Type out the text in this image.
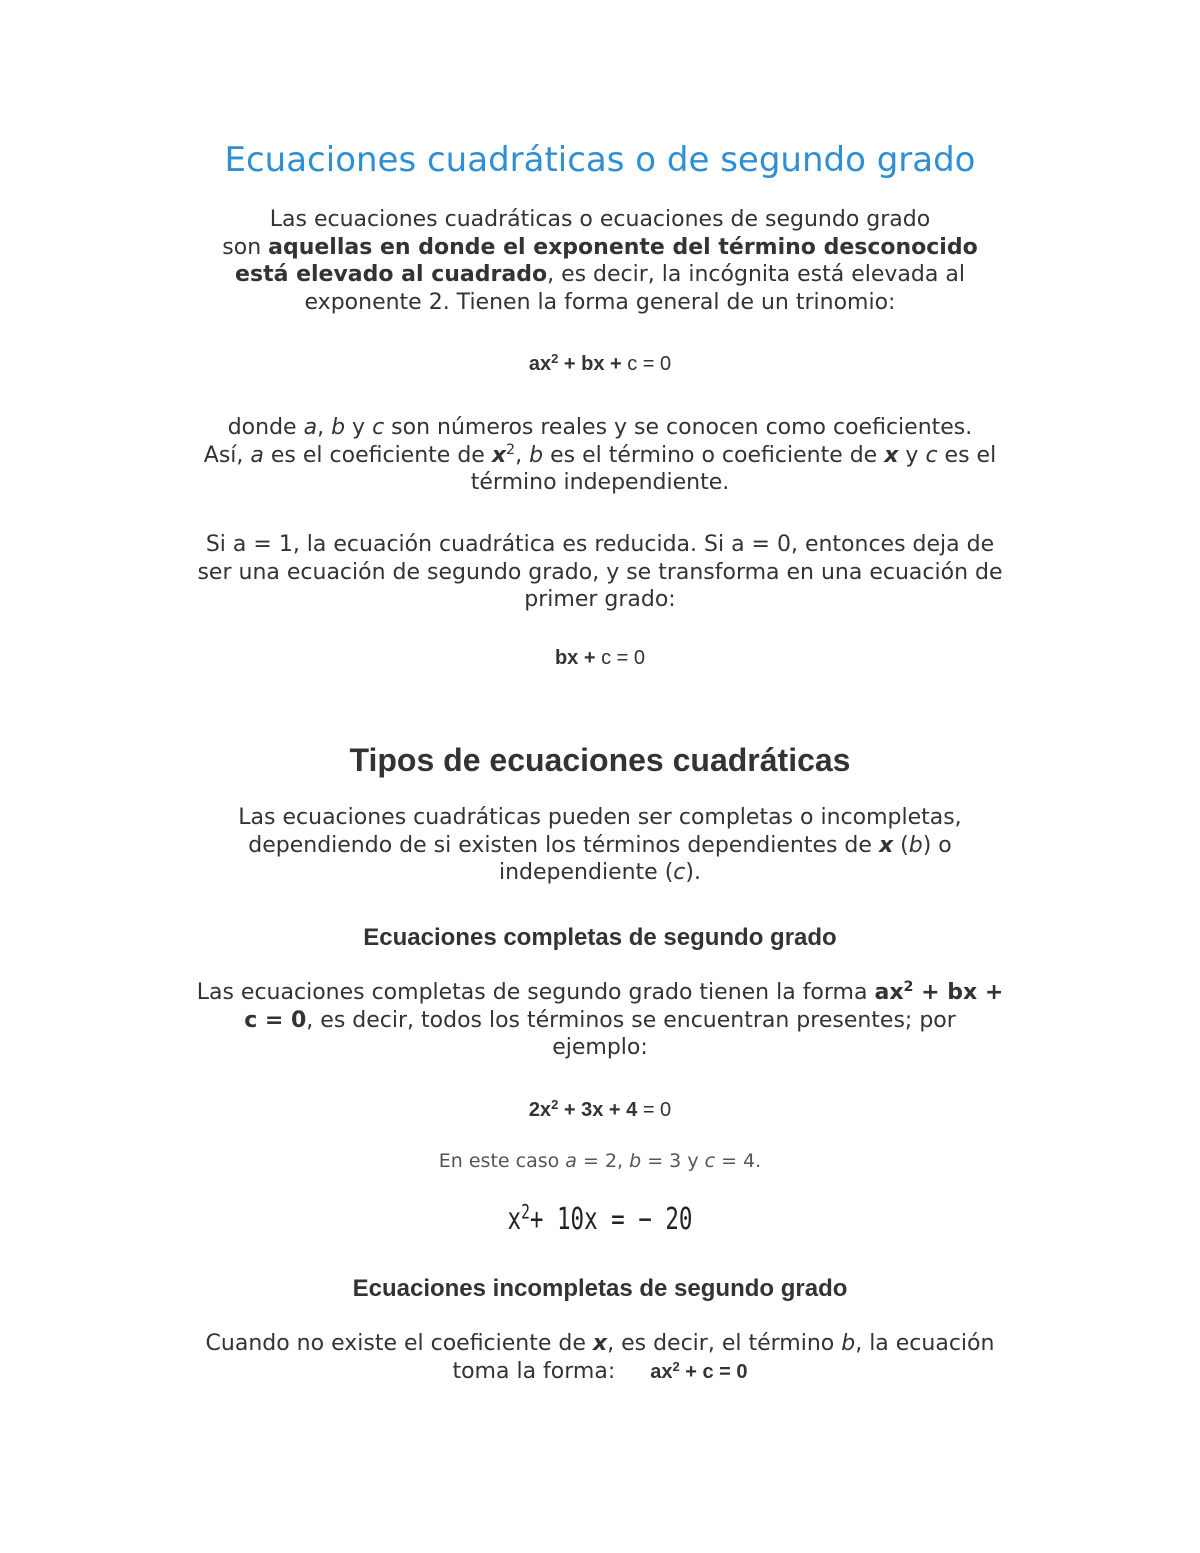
Ecuaciones cuadráticas o de segundo grado

Las ecuaciones cuadráticas o ecuaciones de segundo grado
son aquellas en donde el exponente del término desconocido
está elevado al cuadrado, es decir, la incógnita está elevada al
exponente 2. Tienen la forma general de un trinomio:

$ax^2$ + bx + c = 0

donde a, b y c son números reales y se conocen como coeficientes.
Así, a es el coeficiente de $x^2$, b es el término o coeficiente de x y c es el
término independiente.

Si a = 1, la ecuación cuadrática es reducida. Si a = 0, entonces deja de
ser una ecuación de segundo grado, y se transforma en una ecuación de
primer grado:

bx + c = 0

Tipos de ecuaciones cuadráticas

Las ecuaciones cuadráticas pueden ser completas o incompletas,
dependiendo de si existen los términos dependientes de x (b) o
independiente (c).

Ecuaciones completas de segundo grado

Las ecuaciones completas de segundo grado tienen la forma $ax^2$ + bx +
c = 0, es decir, todos los términos se encuentran presentes; por
ejemplo:

$2x^2 + 3x + 4 = 0$

En este caso a = 2, b = 3 y c = 4.

$x^2+ 10x$ = − 20

Ecuaciones incompletas de segundo grado

Cuando no existe el coeficiente de x, es decir, el término b, la ecuación
toma la forma: $ax^2 + c = 0$
